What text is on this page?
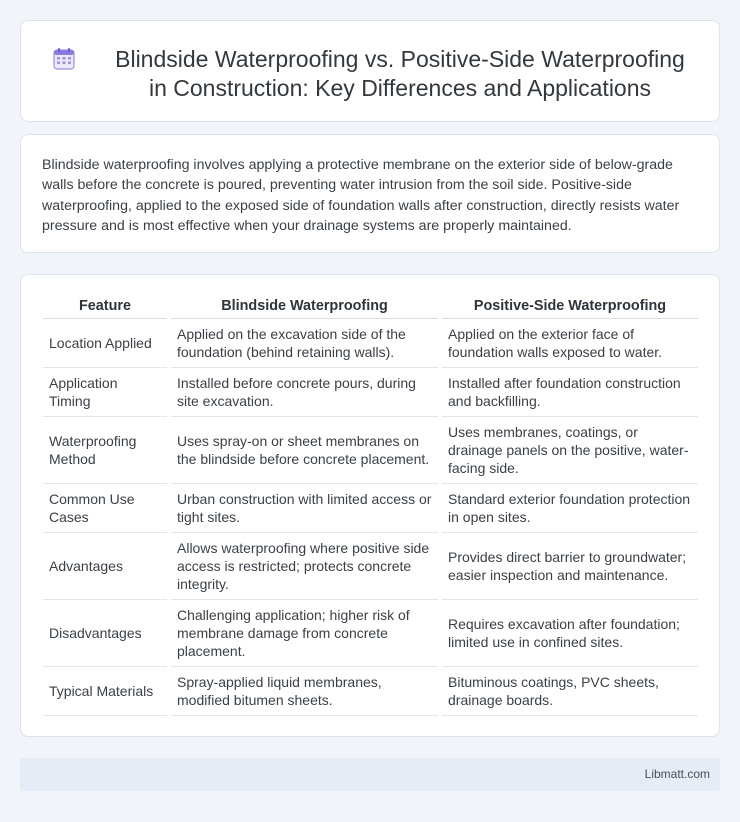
Blindside Waterproofing vs. Positive-Side Waterproofing
in Construction: Key Differences and Applications

Blindside waterproofing involves applying a protective membrane on the exterior side of below-grade walls before the concrete is poured, preventing water intrusion from the soil side. Positive-side waterproofing, applied to the exposed side of foundation walls after construction, directly resists water pressure and is most effective when your drainage systems are properly maintained.

Feature		Blindside Waterproofing		Positive-Side Waterproofing
Location Applied		Applied on the excavation side of the foundation (behind retaining walls).		Applied on the exterior face of foundation walls exposed to water.
Application Timing		Installed before concrete pours, during site excavation.		Installed after foundation construction and backfilling.
Waterproofing Method		Uses spray-on or sheet membranes on the blindside before concrete placement.		Uses membranes, coatings, or drainage panels on the positive, water-facing side.
Common Use Cases		Urban construction with limited access or tight sites.		Standard exterior foundation protection in open sites.
Advantages		Allows waterproofing where positive side access is restricted; protects concrete integrity.		Provides direct barrier to groundwater; easier inspection and maintenance.
Disadvantages		Challenging application; higher risk of membrane damage from concrete placement.		Requires excavation after foundation; limited use in confined sites.
Typical Materials		Spray-applied liquid membranes, modified bitumen sheets.		Bituminous coatings, PVC sheets, drainage boards.
Libmatt.com
